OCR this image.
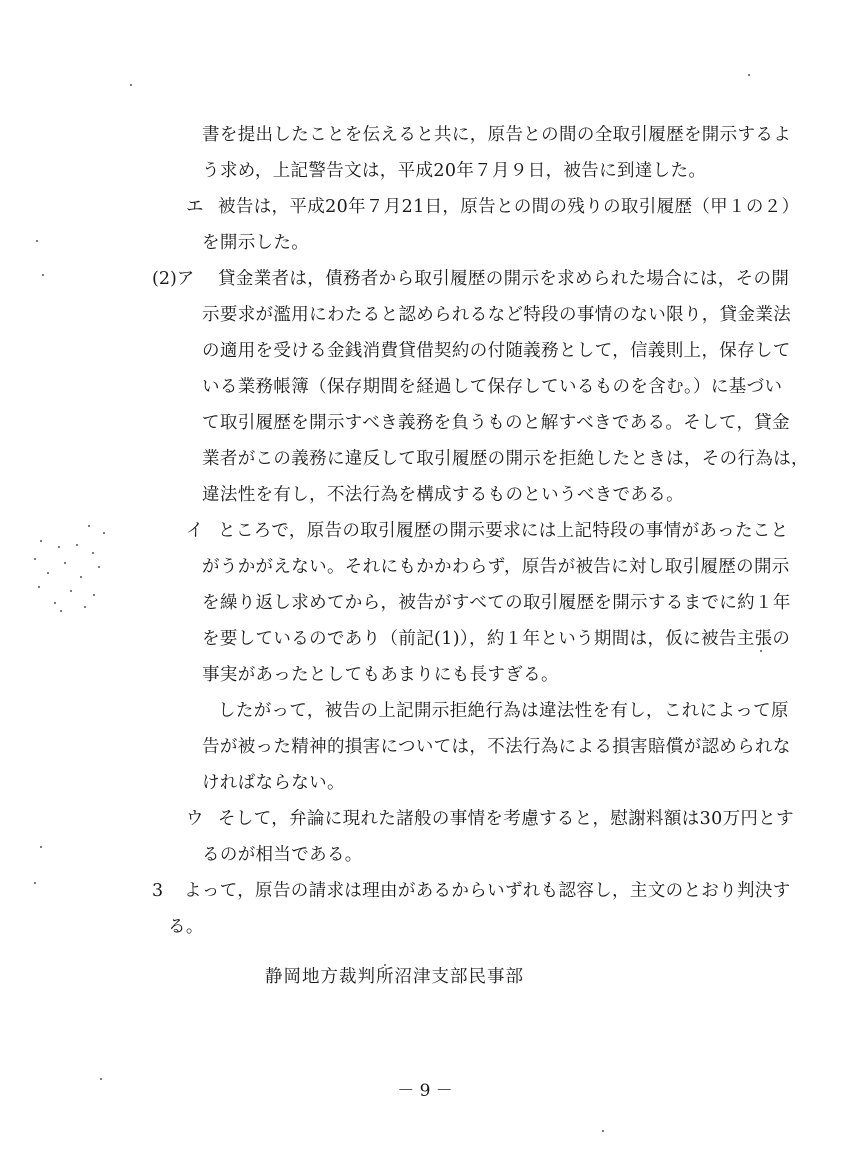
書を提出したことを伝えると共に，原告との間の全取引履歴を開示するよ
う求め，上記警告文は，平成20年７月９日，被告に到達した。
エ 被告は，平成20年７月21日，原告との間の残りの取引履歴（甲１の２）
を開示した。
(2)ア 貸金業者は，債務者から取引履歴の開示を求められた場合には，その開
示要求が濫用にわたると認められるなど特段の事情のない限り，貸金業法
の適用を受ける金銭消費貸借契約の付随義務として，信義則上，保存して
いる業務帳簿（保存期間を経過して保存しているものを含む。）に基づい
て取引履歴を開示すべき義務を負うものと解すべきである。そして，貸金
業者がこの義務に違反して取引履歴の開示を拒絶したときは，その行為は，
違法性を有し，不法行為を構成するものというべきである。
イ ところで，原告の取引履歴の開示要求には上記特段の事情があったこと
がうかがえない。それにもかかわらず，原告が被告に対し取引履歴の開示
を繰り返し求めてから，被告がすべての取引履歴を開示するまでに約１年
を要しているのであり（前記(1)），約１年という期間は，仮に被告主張の
事実があったとしてもあまりにも長すぎる。
したがって，被告の上記開示拒絶行為は違法性を有し，これによって原
告が被った精神的損害については，不法行為による損害賠償が認められな
ければならない。
ウ そして，弁論に現れた諸般の事情を考慮すると，慰謝料額は30万円とす
るのが相当である。
3 よって，原告の請求は理由があるからいずれも認容し，主文のとおり判決す
る。
静岡地方裁判所沼津支部民事部
－ 9 －
